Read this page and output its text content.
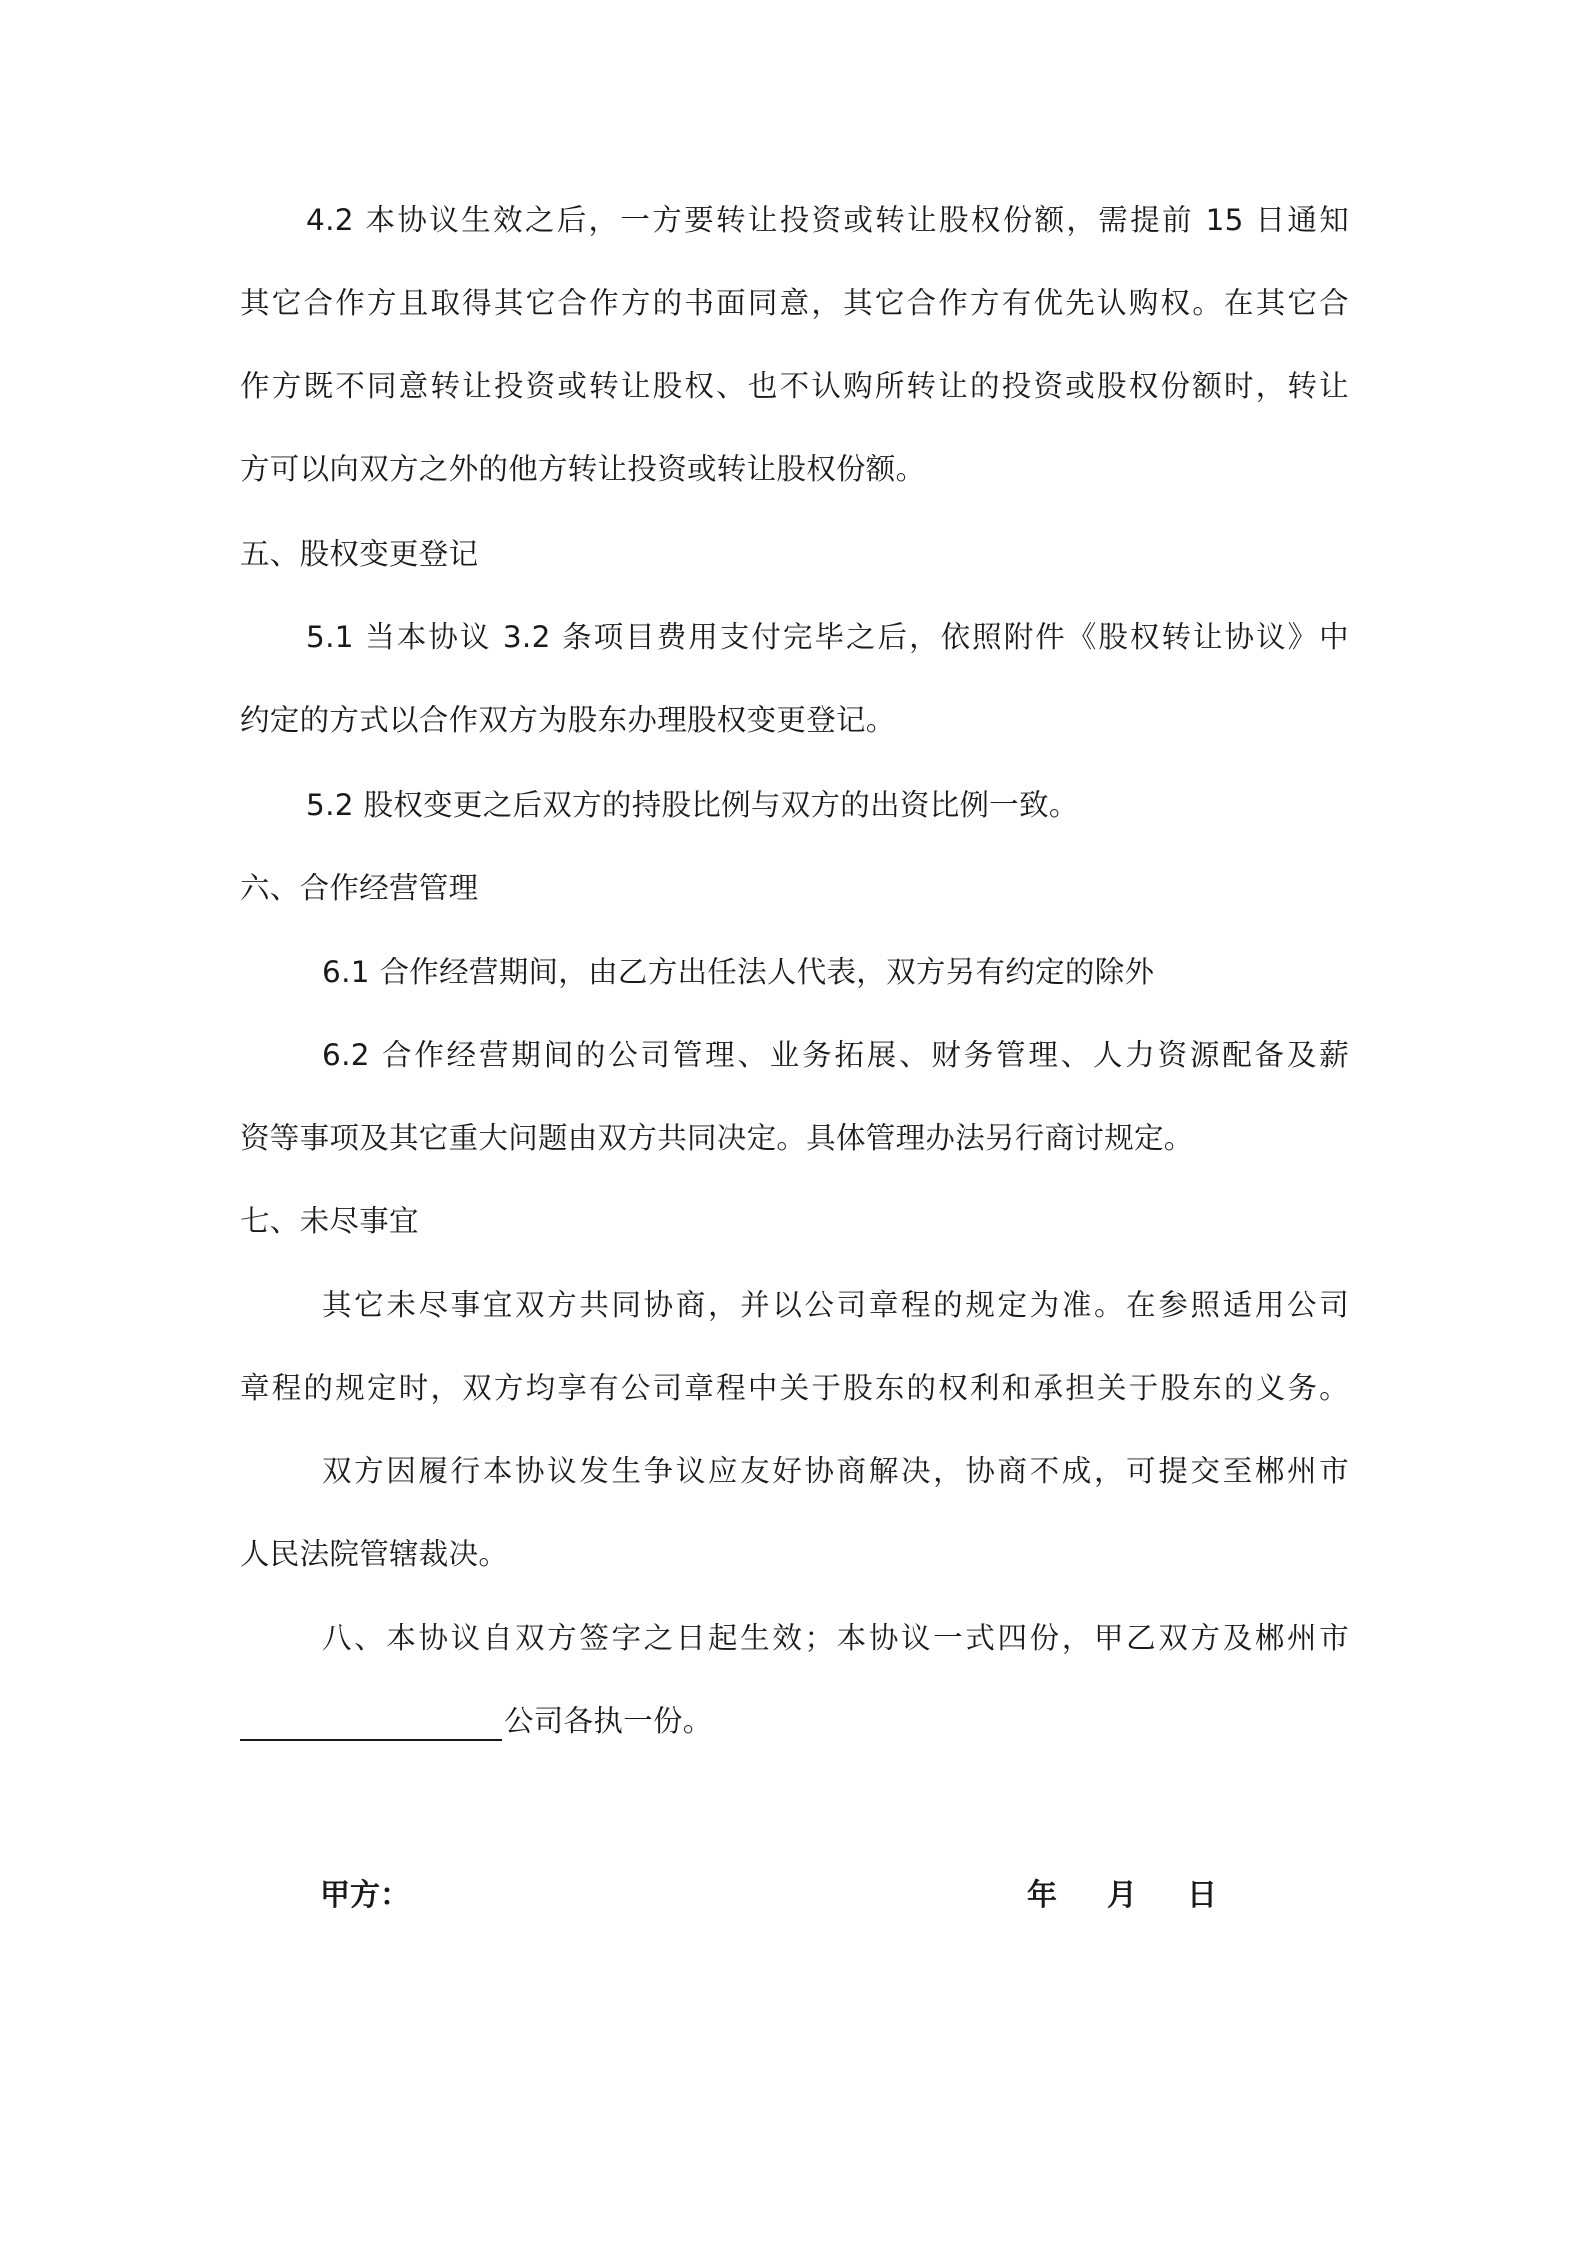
4.2 本协议生效之后，一方要转让投资或转让股权份额，需提前 15 日通知
其它合作方且取得其它合作方的书面同意，其它合作方有优先认购权。在其它合
作方既不同意转让投资或转让股权、也不认购所转让的投资或股权份额时，转让
方可以向双方之外的他方转让投资或转让股权份额。
五、股权变更登记
5.1 当本协议 3.2 条项目费用支付完毕之后，依照附件《股权转让协议》中
约定的方式以合作双方为股东办理股权变更登记。
5.2 股权变更之后双方的持股比例与双方的出资比例一致。
六、合作经营管理
6.1 合作经营期间，由乙方出任法人代表，双方另有约定的除外
6.2 合作经营期间的公司管理、业务拓展、财务管理、人力资源配备及薪
资等事项及其它重大问题由双方共同决定。具体管理办法另行商讨规定。
七、未尽事宜
其它未尽事宜双方共同协商，并以公司章程的规定为准。在参照适用公司
章程的规定时，双方均享有公司章程中关于股东的权利和承担关于股东的义务。
双方因履行本协议发生争议应友好协商解决，协商不成，可提交至郴州市
人民法院管辖裁决。
八、本协议自双方签字之日起生效；本协议一式四份，甲乙双方及郴州市
公司各执一份。
甲方：	年 月 日
